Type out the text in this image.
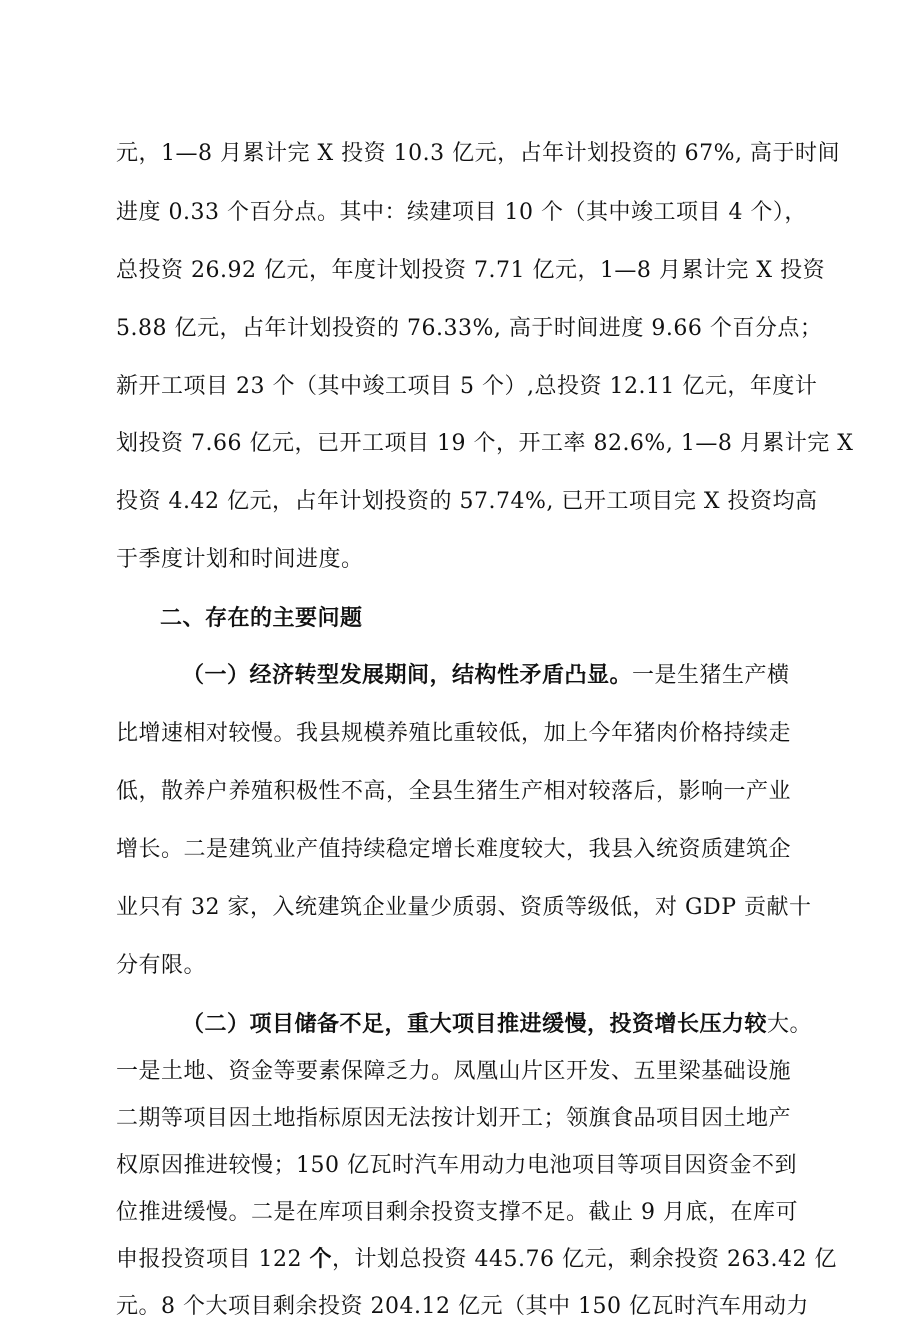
元，1—8 月累计完 X 投资 10.3 亿元，占年计划投资的 67%, 高于时间
进度 0.33 个百分点。其中：续建项目 10 个（其中竣工项目 4 个），
总投资 26.92 亿元，年度计划投资 7.71 亿元，1—8 月累计完 X 投资
5.88 亿元，占年计划投资的 76.33%, 高于时间进度 9.66 个百分点；
新开工项目 23 个（其中竣工项目 5 个）,总投资 12.11 亿元，年度计
划投资 7.66 亿元，已开工项目 19 个，开工率 82.6%, 1—8 月累计完 X
投资 4.42 亿元，占年计划投资的 57.74%, 已开工项目完 X 投资均高
于季度计划和时间进度。
二、存在的主要问题
（一）经济转型发展期间，结构性矛盾凸显。一是生猪生产横
比增速相对较慢。我县规模养殖比重较低，加上今年猪肉价格持续走
低，散养户养殖积极性不高，全县生猪生产相对较落后，影响一产业
增长。二是建筑业产值持续稳定增长难度较大，我县入统资质建筑企
业只有 32 家，入统建筑企业量少质弱、资质等级低，对 GDP 贡献十
分有限。
（二）项目储备不足，重大项目推进缓慢，投资增长压力较大。
一是土地、资金等要素保障乏力。凤凰山片区开发、五里梁基础设施
二期等项目因土地指标原因无法按计划开工；领旗食品项目因土地产
权原因推进较慢；150 亿瓦时汽车用动力电池项目等项目因资金不到
位推进缓慢。二是在库项目剩余投资支撑不足。截止 9 月底，在库可
申报投资项目 122 个，计划总投资 445.76 亿元，剩余投资 263.42 亿
元。8 个大项目剩余投资 204.12 亿元（其中 150 亿瓦时汽车用动力
